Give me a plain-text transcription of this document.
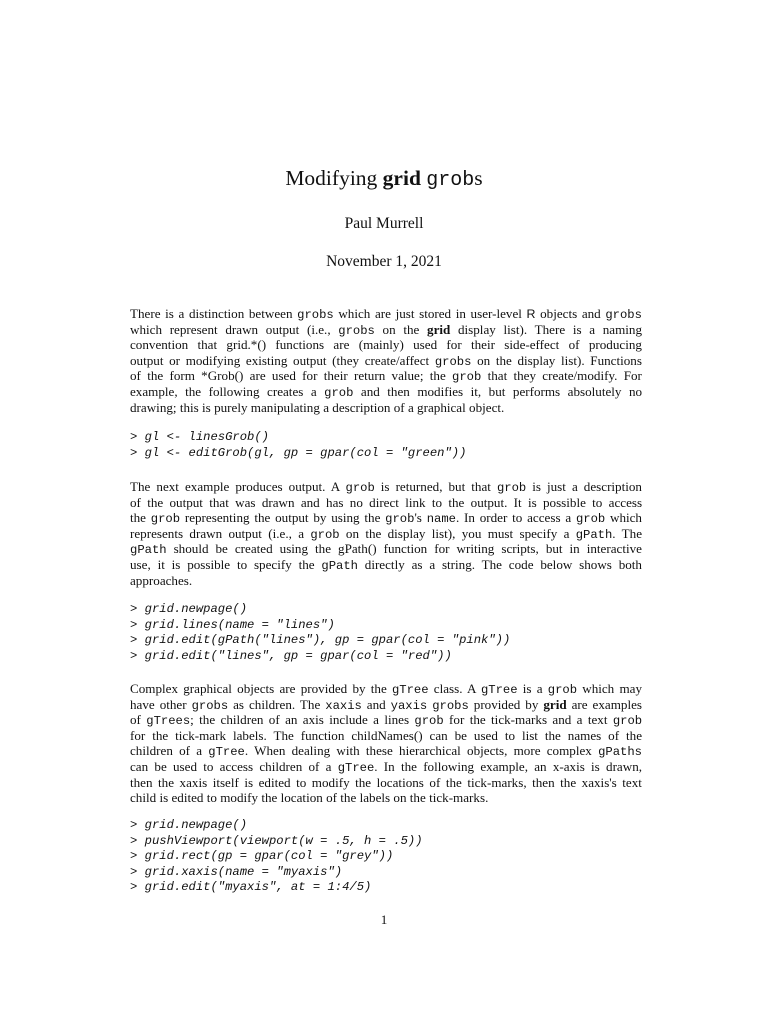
Modifying grid grobs
Paul Murrell
November 1, 2021
There is a distinction between grobs which are just stored in user-level R objects and grobs
which represent drawn output (i.e., grobs on the grid display list). There is a naming
convention that grid.*() functions are (mainly) used for their side-effect of producing
output or modifying existing output (they create/affect grobs on the display list). Functions
of the form *Grob() are used for their return value; the grob that they create/modify. For
example, the following creates a grob and then modifies it, but performs absolutely no
drawing; this is purely manipulating a description of a graphical object.
> gl <- linesGrob()
> gl <- editGrob(gl, gp = gpar(col = "green"))
The next example produces output. A grob is returned, but that grob is just a description
of the output that was drawn and has no direct link to the output. It is possible to access
the grob representing the output by using the grob's name. In order to access a grob which
represents drawn output (i.e., a grob on the display list), you must specify a gPath. The
gPath should be created using the gPath() function for writing scripts, but in interactive
use, it is possible to specify the gPath directly as a string. The code below shows both
approaches.
> grid.newpage()
> grid.lines(name = "lines")
> grid.edit(gPath("lines"), gp = gpar(col = "pink"))
> grid.edit("lines", gp = gpar(col = "red"))
Complex graphical objects are provided by the gTree class. A gTree is a grob which may
have other grobs as children. The xaxis and yaxis grobs provided by grid are examples
of gTrees; the children of an axis include a lines grob for the tick-marks and a text grob
for the tick-mark labels. The function childNames() can be used to list the names of the
children of a gTree. When dealing with these hierarchical objects, more complex gPaths
can be used to access children of a gTree. In the following example, an x-axis is drawn,
then the xaxis itself is edited to modify the locations of the tick-marks, then the xaxis's text
child is edited to modify the location of the labels on the tick-marks.
> grid.newpage()
> pushViewport(viewport(w = .5, h = .5))
> grid.rect(gp = gpar(col = "grey"))
> grid.xaxis(name = "myaxis")
> grid.edit("myaxis", at = 1:4/5)
1
